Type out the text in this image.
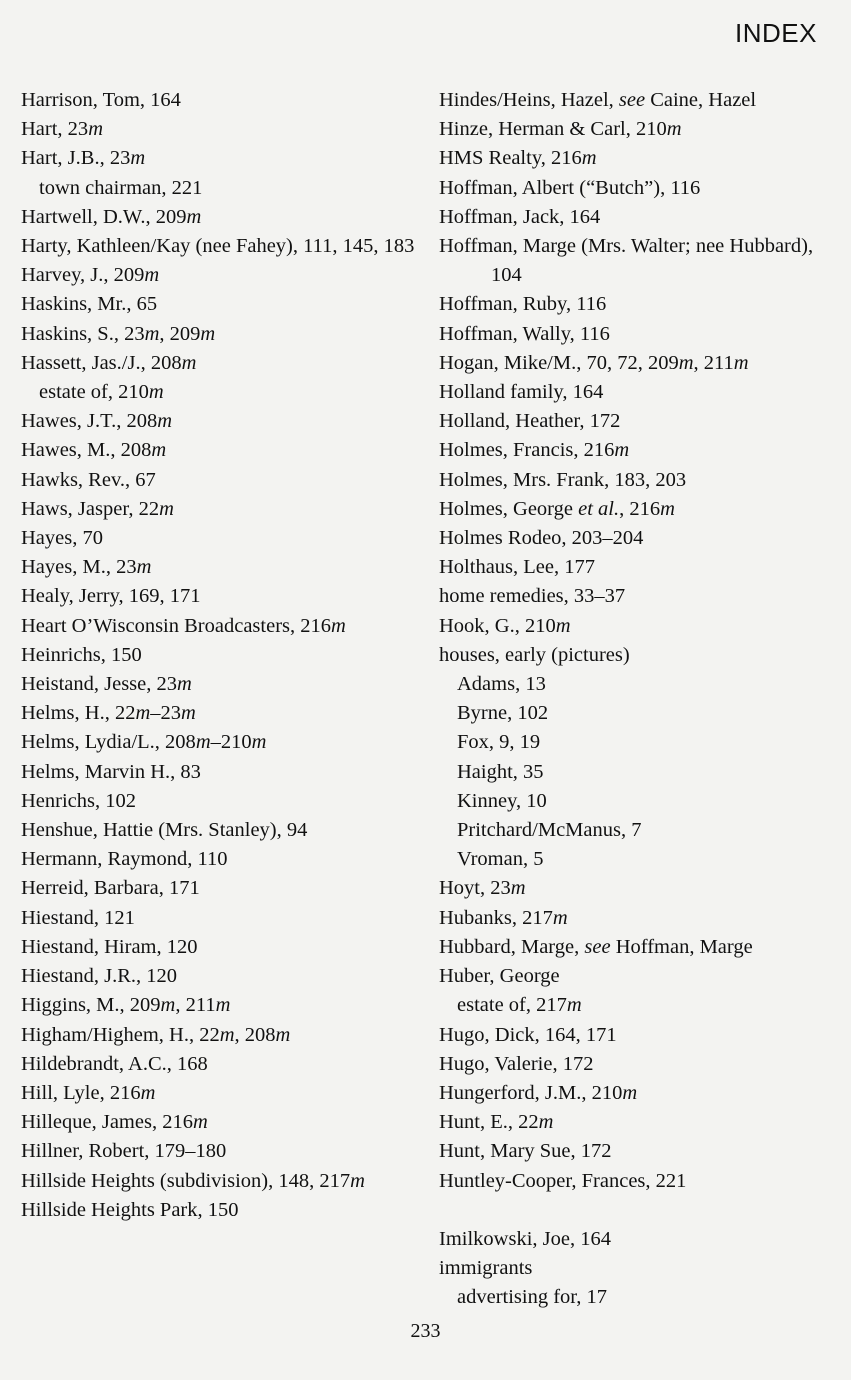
INDEX
Harrison, Tom, 164
Hart, 23m
Hart, J.B., 23m
town chairman, 221
Hartwell, D.W., 209m
Harty, Kathleen/Kay (nee Fahey), 111, 145, 183
Harvey, J., 209m
Haskins, Mr., 65
Haskins, S., 23m, 209m
Hassett, Jas./J., 208m
estate of, 210m
Hawes, J.T., 208m
Hawes, M., 208m
Hawks, Rev., 67
Haws, Jasper, 22m
Hayes, 70
Hayes, M., 23m
Healy, Jerry, 169, 171
Heart O’Wisconsin Broadcasters, 216m
Heinrichs, 150
Heistand, Jesse, 23m
Helms, H., 22m–23m
Helms, Lydia/L., 208m–210m
Helms, Marvin H., 83
Henrichs, 102
Henshue, Hattie (Mrs. Stanley), 94
Hermann, Raymond, 110
Herreid, Barbara, 171
Hiestand, 121
Hiestand, Hiram, 120
Hiestand, J.R., 120
Higgins, M., 209m, 211m
Higham/Highem, H., 22m, 208m
Hildebrandt, A.C., 168
Hill, Lyle, 216m
Hilleque, James, 216m
Hillner, Robert, 179–180
Hillside Heights (subdivision), 148, 217m
Hillside Heights Park, 150
Hindes/Heins, Hazel, see Caine, Hazel
Hinze, Herman & Carl, 210m
HMS Realty, 216m
Hoffman, Albert (“Butch”), 116
Hoffman, Jack, 164
Hoffman, Marge (Mrs. Walter; nee Hubbard), 104
Hoffman, Ruby, 116
Hoffman, Wally, 116
Hogan, Mike/M., 70, 72, 209m, 211m
Holland family, 164
Holland, Heather, 172
Holmes, Francis, 216m
Holmes, Mrs. Frank, 183, 203
Holmes, George et al., 216m
Holmes Rodeo, 203–204
Holthaus, Lee, 177
home remedies, 33–37
Hook, G., 210m
houses, early (pictures)
Adams, 13
Byrne, 102
Fox, 9, 19
Haight, 35
Kinney, 10
Pritchard/McManus, 7
Vroman, 5
Hoyt, 23m
Hubanks, 217m
Hubbard, Marge, see Hoffman, Marge
Huber, George
estate of, 217m
Hugo, Dick, 164, 171
Hugo, Valerie, 172
Hungerford, J.M., 210m
Hunt, E., 22m
Hunt, Mary Sue, 172
Huntley-Cooper, Frances, 221
Imilkowski, Joe, 164
immigrants
advertising for, 17
233
